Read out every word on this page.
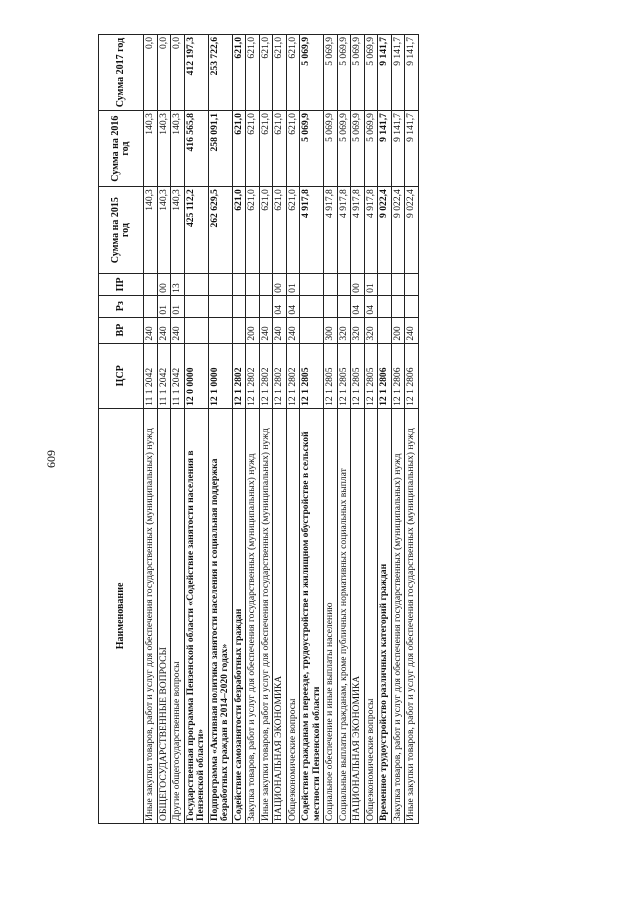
609
Наименование	ЦСР	ВР	Рз	ПР	Сумма на 2015 год	Сумма на 2016 год	Сумма 2017 год
Иные закупки товаров, работ и услуг для обеспечения государственных (муниципальных) нужд	11 1 2042	240			140,3	140,3	0,0
ОБЩЕГОСУДАРСТВЕННЫЕ ВОПРОСЫ	11 1 2042	240	01	00	140,3	140,3	0,0
Другие общегосударственные вопросы	11 1 2042	240	01	13	140,3	140,3	0,0
Государственная программа Пензенской области «Содействие занятости населения в Пензенской области»	12 0 0000				425 112,2	416 565,8	412 197,3
Подпрограмма «Активная политика занятости населения и социальная поддержка безработных граждан в 2014–2020 годах»	12 1 0000				262 629,5	258 091,1	253 722,6
Содействие самозанятости безработных граждан	12 1 2802				621,0	621,0	621,0
Закупка товаров, работ и услуг для обеспечения государственных (муниципальных) нужд	12 1 2802	200			621,0	621,0	621,0
Иные закупки товаров, работ и услуг для обеспечения государственных (муниципальных) нужд	12 1 2802	240			621,0	621,0	621,0
НАЦИОНАЛЬНАЯ ЭКОНОМИКА	12 1 2802	240	04	00	621,0	621,0	621,0
Общеэкономические вопросы	12 1 2802	240	04	01	621,0	621,0	621,0
Содействие гражданам в переезде, трудоустройстве и жилищном обустройстве в сельской местности Пензенской области	12 1 2805				4 917,8	5 069,9	5 069,9
Социальное обеспечение и иные выплаты населению	12 1 2805	300			4 917,8	5 069,9	5 069,9
Социальные выплаты гражданам, кроме публичных нормативных социальных выплат	12 1 2805	320			4 917,8	5 069,9	5 069,9
НАЦИОНАЛЬНАЯ ЭКОНОМИКА	12 1 2805	320	04	00	4 917,8	5 069,9	5 069,9
Общеэкономические вопросы	12 1 2805	320	04	01	4 917,8	5 069,9	5 069,9
Временное трудоустройство различных категорий граждан	12 1 2806				9 022,4	9 141,7	9 141,7
Закупка товаров, работ и услуг для обеспечения государственных (муниципальных) нужд	12 1 2806	200			9 022,4	9 141,7	9 141,7
Иные закупки товаров, работ и услуг для обеспечения государственных (муниципальных) нужд	12 1 2806	240			9 022,4	9 141,7	9 141,7
